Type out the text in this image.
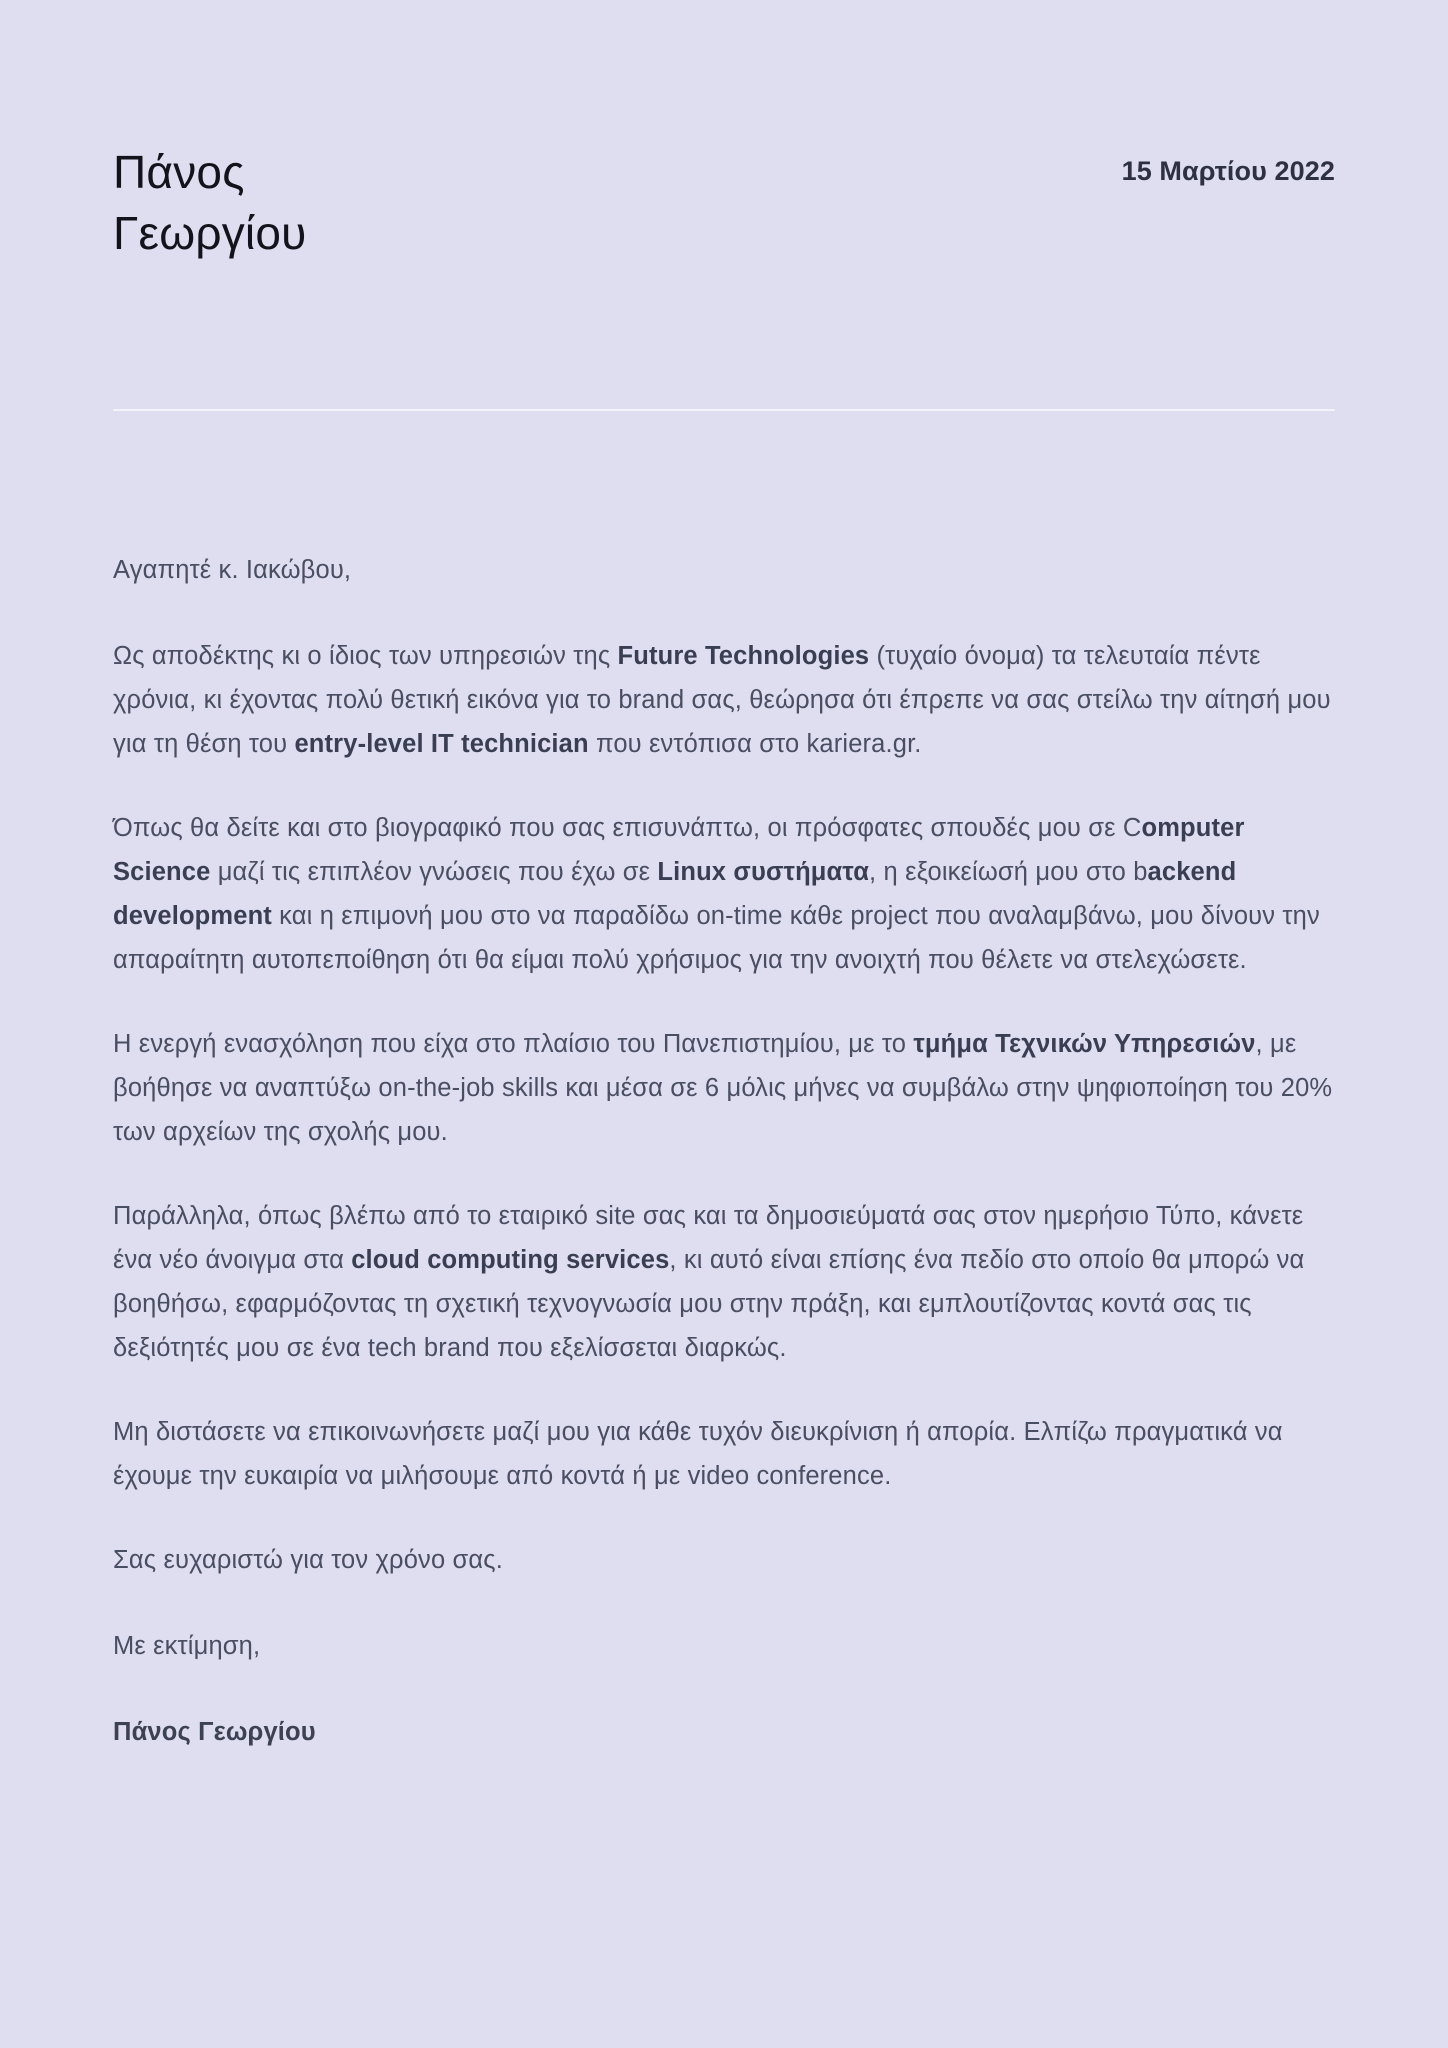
Πάνος
Γεωργίου
15 Μαρτίου 2022

Αγαπητέ κ. Ιακώβου,

Ως αποδέκτης κι ο ίδιος των υπηρεσιών της Future Technologies (τυχαίο όνομα) τα τελευταία πέντε χρόνια, κι έχοντας πολύ θετική εικόνα για το brand σας, θεώρησα ότι έπρεπε να σας στείλω την αίτησή μου για τη θέση του entry-level IT technician που εντόπισα στο kariera.gr.

Όπως θα δείτε και στο βιογραφικό που σας επισυνάπτω, οι πρόσφατες σπουδές μου σε Computer Science μαζί τις επιπλέον γνώσεις που έχω σε Linux συστήματα, η εξοικείωσή μου στο backend development και η επιμονή μου στο να παραδίδω on-time κάθε project που αναλαμβάνω, μου δίνουν την απαραίτητη αυτοπεποίθηση ότι θα είμαι πολύ χρήσιμος για την ανοιχτή που θέλετε να στελεχώσετε.

Η ενεργή ενασχόληση που είχα στο πλαίσιο του Πανεπιστημίου, με το τμήμα Τεχνικών Υπηρεσιών, με βοήθησε να αναπτύξω on-the-job skills και μέσα σε 6 μόλις μήνες να συμβάλω στην ψηφιοποίηση του 20% των αρχείων της σχολής μου.

Παράλληλα, όπως βλέπω από το εταιρικό site σας και τα δημοσιεύματά σας στον ημερήσιο Τύπο, κάνετε ένα νέο άνοιγμα στα cloud computing services, κι αυτό είναι επίσης ένα πεδίο στο οποίο θα μπορώ να βοηθήσω, εφαρμόζοντας τη σχετική τεχνογνωσία μου στην πράξη, και εμπλουτίζοντας κοντά σας τις δεξιότητές μου σε ένα tech brand που εξελίσσεται διαρκώς.

Μη διστάσετε να επικοινωνήσετε μαζί μου για κάθε τυχόν διευκρίνιση ή απορία. Ελπίζω πραγματικά να έχουμε την ευκαιρία να μιλήσουμε από κοντά ή με video conference.

Σας ευχαριστώ για τον χρόνο σας.

Με εκτίμηση,

Πάνος Γεωργίου
